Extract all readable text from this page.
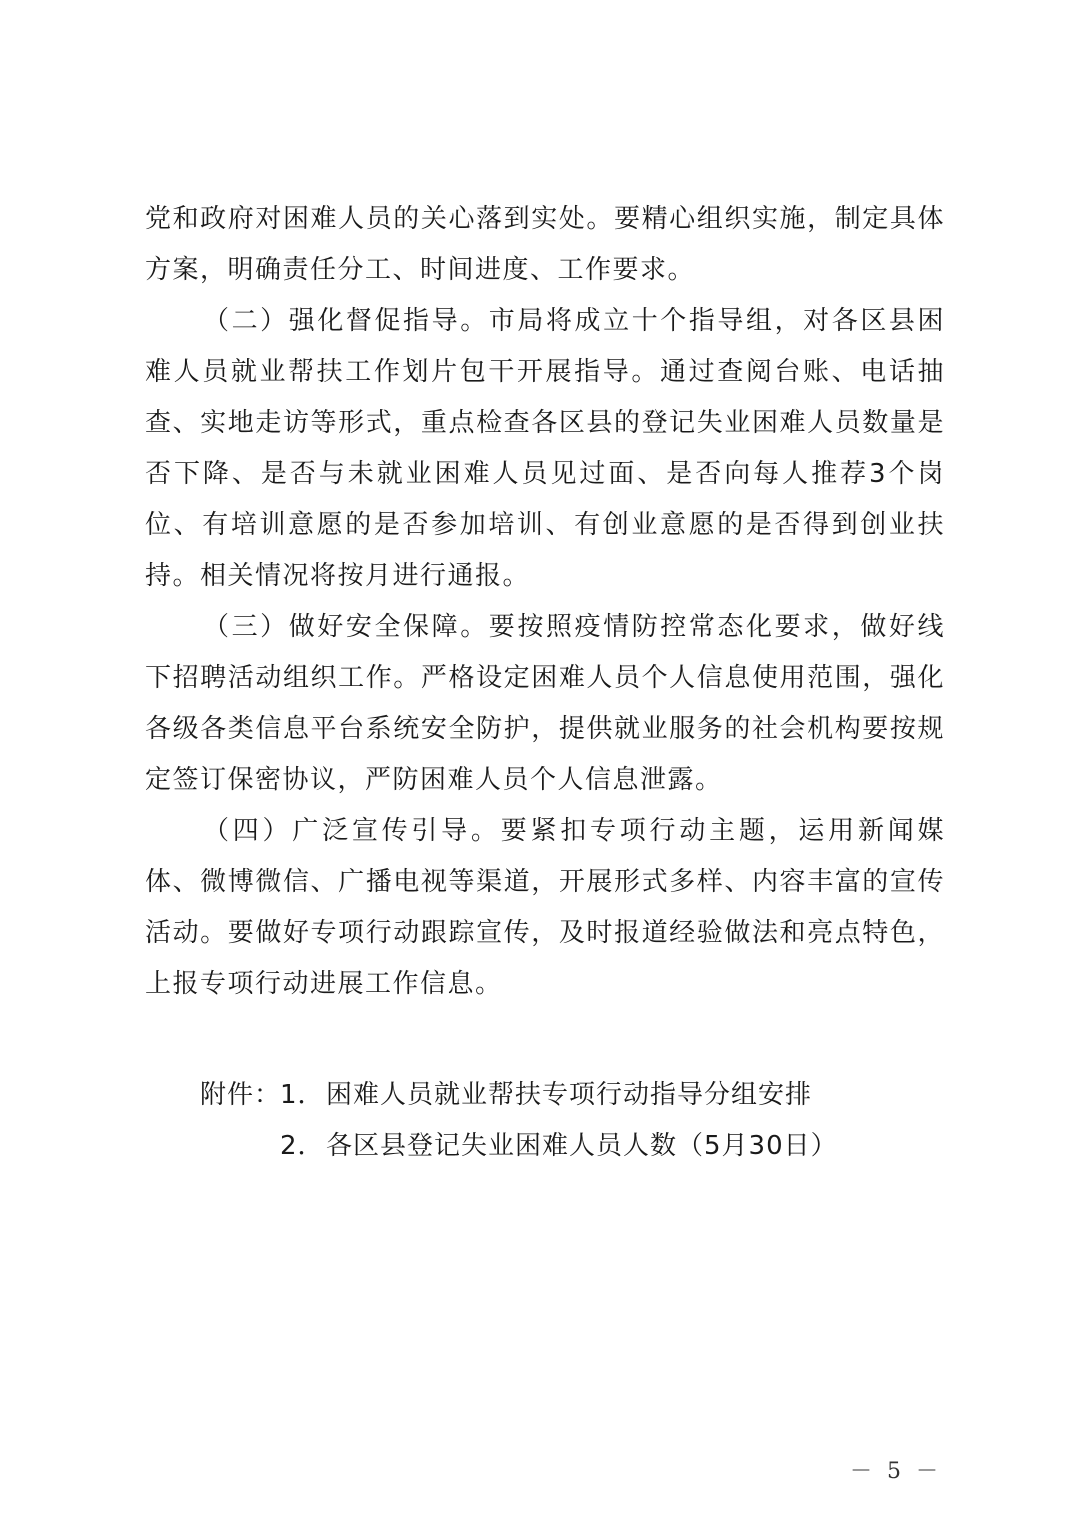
党和政府对困难人员的关心落到实处。要精心组织实施，制定具体方案，明确责任分工、时间进度、工作要求。

（二）强化督促指导。市局将成立十个指导组，对各区县困难人员就业帮扶工作划片包干开展指导。通过查阅台账、电话抽查、实地走访等形式，重点检查各区县的登记失业困难人员数量是否下降、是否与未就业困难人员见过面、是否向每人推荐3个岗位、有培训意愿的是否参加培训、有创业意愿的是否得到创业扶持。相关情况将按月进行通报。

（三）做好安全保障。要按照疫情防控常态化要求，做好线下招聘活动组织工作。严格设定困难人员个人信息使用范围，强化各级各类信息平台系统安全防护，提供就业服务的社会机构要按规定签订保密协议，严防困难人员个人信息泄露。

（四）广泛宣传引导。要紧扣专项行动主题，运用新闻媒体、微博微信、广播电视等渠道，开展形式多样、内容丰富的宣传活动。要做好专项行动跟踪宣传，及时报道经验做法和亮点特色，上报专项行动进展工作信息。

附件：1．困难人员就业帮扶专项行动指导分组安排
2．各区县登记失业困难人员人数（5月30日）
－ 5 －
